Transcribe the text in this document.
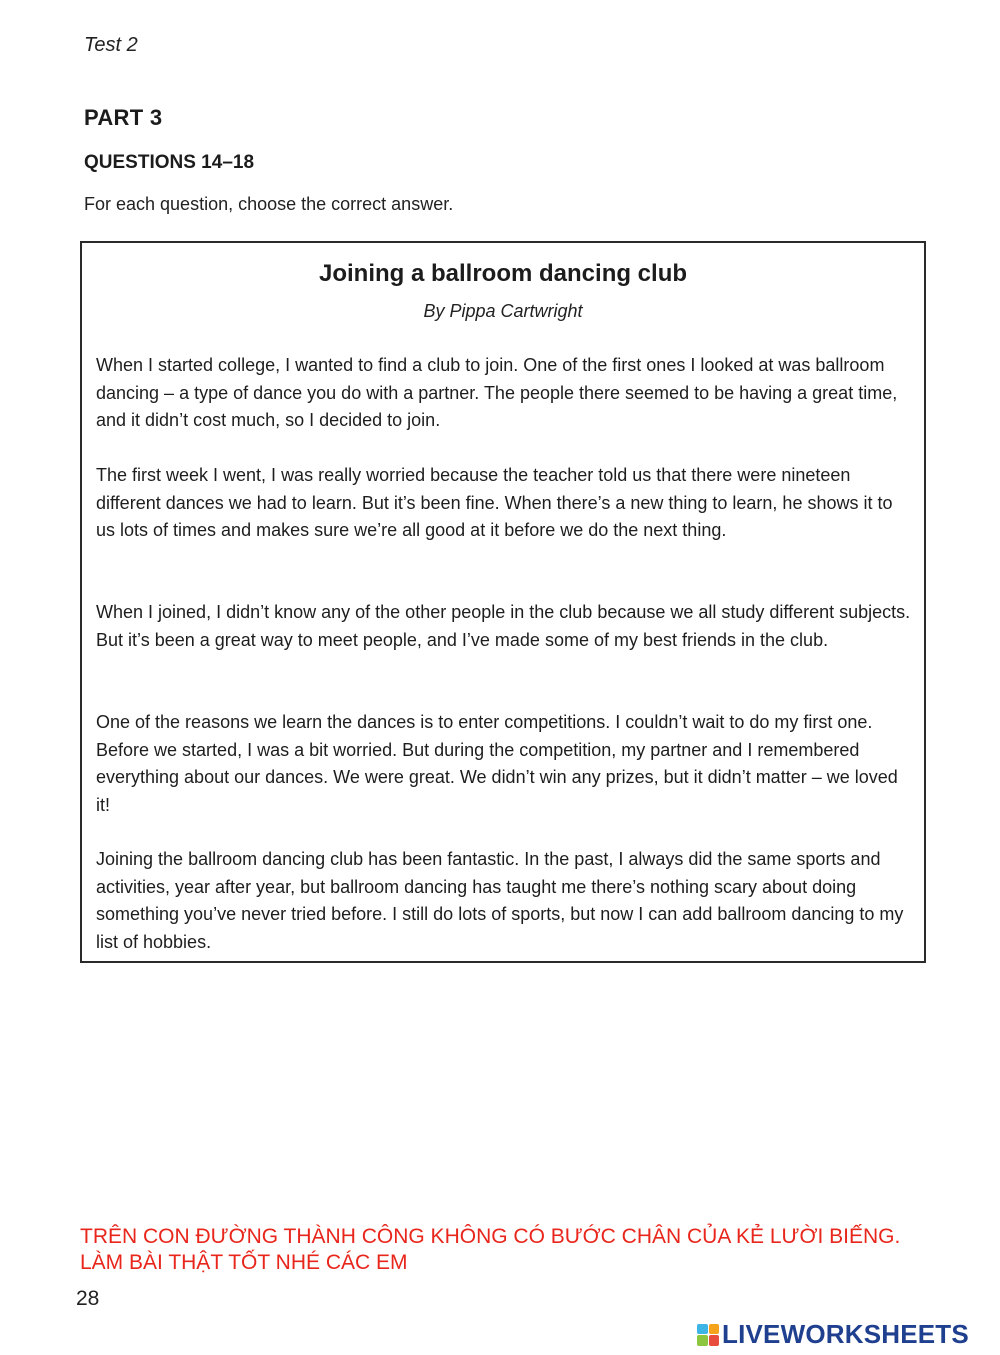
Test 2
PART 3
QUESTIONS 14–18
For each question, choose the correct answer.
Joining a ballroom dancing club
By Pippa Cartwright

When I started college, I wanted to find a club to join. One of the first ones I looked at was ballroom dancing – a type of dance you do with a partner. The people there seemed to be having a great time, and it didn’t cost much, so I decided to join.

The first week I went, I was really worried because the teacher told us that there were nineteen different dances we had to learn. But it’s been fine. When there’s a new thing to learn, he shows it to us lots of times and makes sure we’re all good at it before we do the next thing.

When I joined, I didn’t know any of the other people in the club because we all study different subjects. But it’s been a great way to meet people, and I’ve made some of my best friends in the club.

One of the reasons we learn the dances is to enter competitions. I couldn’t wait to do my first one. Before we started, I was a bit worried. But during the competition, my partner and I remembered everything about our dances. We were great. We didn’t win any prizes, but it didn’t matter – we loved it!

Joining the ballroom dancing club has been fantastic. In the past, I always did the same sports and activities, year after year, but ballroom dancing has taught me there’s nothing scary about doing something you’ve never tried before. I still do lots of sports, but now I can add ballroom dancing to my list of hobbies.

TRÊN CON ĐƯỜNG THÀNH CÔNG KHÔNG CÓ BƯỚC CHÂN CỦA KẺ LƯỜI BIẾNG. LÀM BÀI THẬT TỐT NHÉ CÁC EM
28
LIVEWORKSHEETS
